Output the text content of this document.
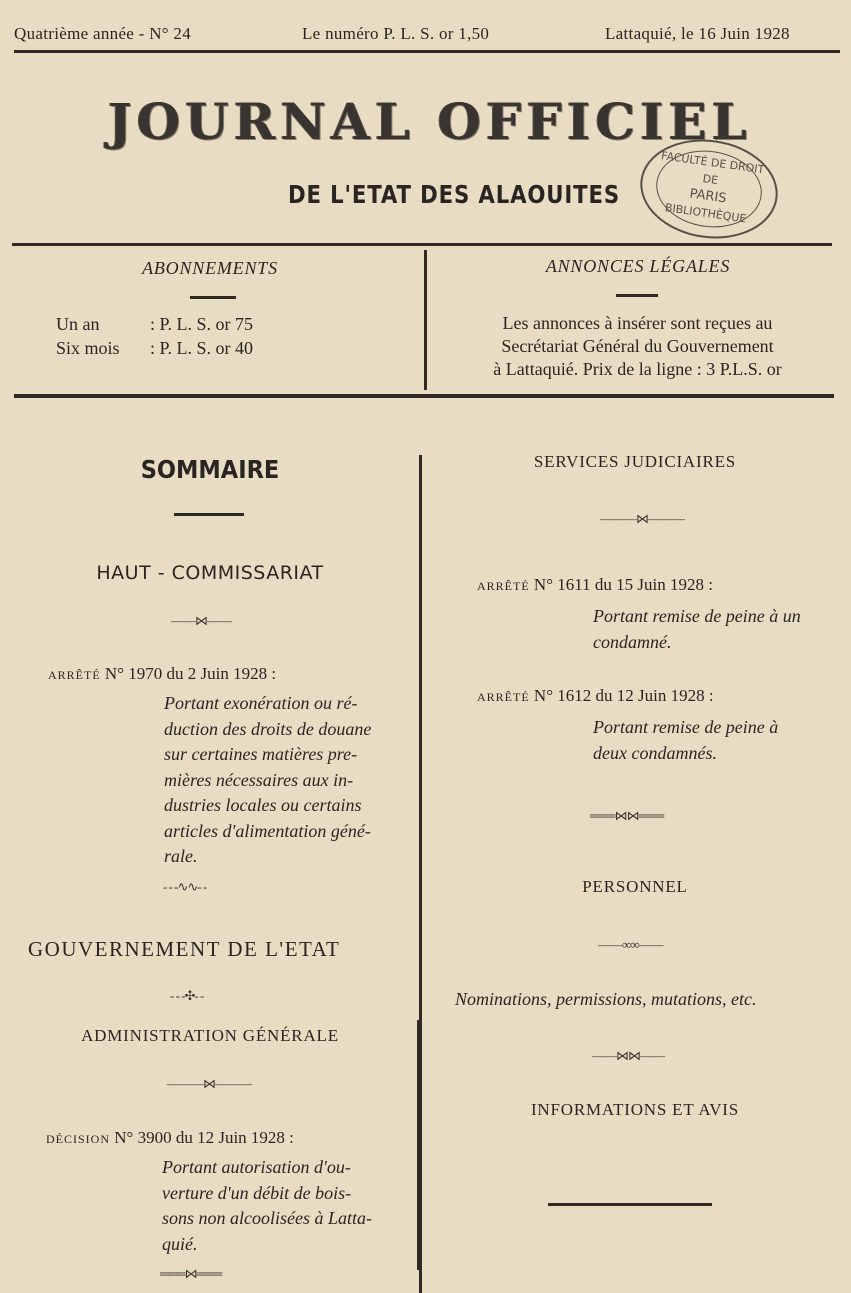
Quatrième année - N° 24	Le numéro P. L. S. or 1,50	Lattaquié, le 16 Juin 1928
JOURNAL OFFICIEL
DE L'ETAT DES ALAOUITES
FACULTÉ DE DROIT
DE
PARIS
BIBLIOTHÈQUE
ABONNEMENTS
Un an	: P. L. S. or 75
Six mois : P. L. S. or 40
ANNONCES LÉGALES
Les annonces à insérer sont reçues au
Secrétariat Général du Gouvernement
à Lattaquié. Prix de la ligne : 3 P.L.S. or
SOMMAIRE
HAUT - COMMISSARIAT
——⋈——
ARRÊTÉ N° 1970 du 2 Juin 1928 :
Portant exonération ou ré-
duction des droits de douane
sur certaines matières pre-
mières nécessaires aux in-
dustries locales ou certains
articles d'alimentation géné-
rale.
- - -∿∿- -
GOUVERNEMENT DE L'ETAT
- - -✣- -
ADMINISTRATION GÉNÉRALE
———⋈———
DÉCISION N° 3900 du 12 Juin 1928 :
Portant autorisation d'ou-
verture d'un débit de bois-
sons non alcoolisées à Latta-
quié.
═══⋈═══
SERVICES JUDICIAIRES
———⋈———
ARRÊTÉ N° 1611 du 15 Juin 1928 :
Portant remise de peine à un
condamné.
ARRÊTÉ N° 1612 du 12 Juin 1928 :
Portant remise de peine à
deux condamnés.
═══⋈⋈═══
PERSONNEL
——∞∞——
Nominations, permissions, mutations, etc.
——⋈⋈——
INFORMATIONS ET AVIS
